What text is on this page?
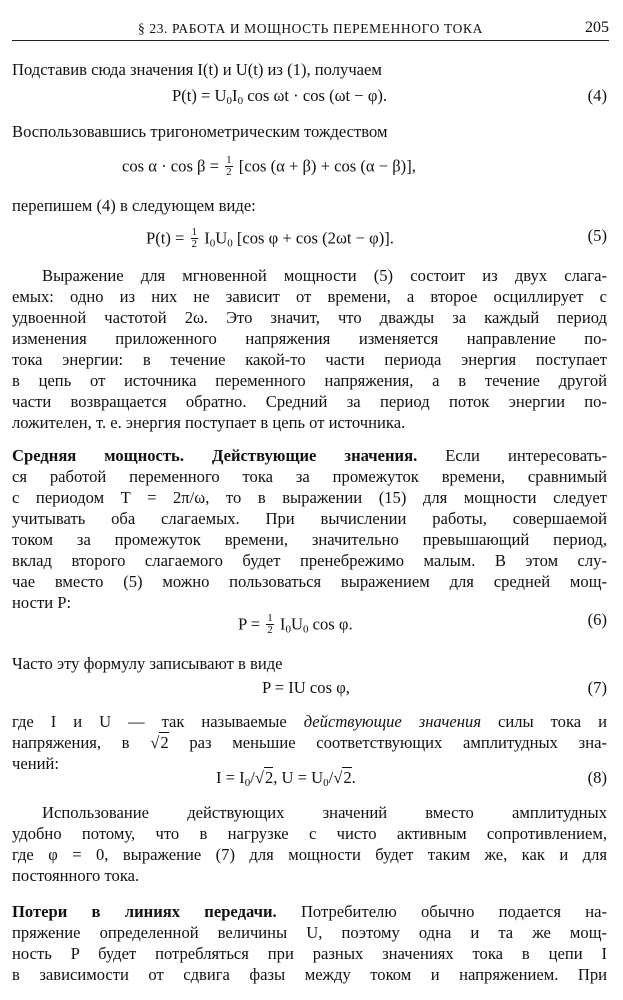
§ 23. РАБОТА И МОЩНОСТЬ ПЕРЕМЕННОГО ТОКА	205
Подставив сюда значения I(t) и U(t) из (1), получаем
$P(t) = U_0I_0$ cos ωt · cos (ωt − φ).	(4)
Воспользовавшись тригонометрическим тождеством
$\cos \alpha \cdot \cos \beta = \frac{1}{2} [\cos$ (α + β) + cos (α − β)],
перепишем (4) в следующем виде:
$P(t) = \frac{1}{2} I_0U_0$ [cos φ + cos (2ωt − φ)].	(5)
Выражение для мгновенной мощности (5) состоит из двух слага-
емых: одно из них не зависит от времени, а второе осциллирует с
удвоенной частотой 2ω. Это значит, что дважды за каждый период
изменения приложенного напряжения изменяется направление по-
тока энергии: в течение какой-то части периода энергия поступает
в цепь от источника переменного напряжения, а в течение другой
части возвращается обратно. Средний за период поток энергии по-
ложителен, т. е. энергия поступает в цепь от источника.
Средняя мощность. Действующие значения. Если интересовать-
ся работой переменного тока за промежуток времени, сравнимый
с периодом T = 2π/ω, то в выражении (15) для мощности следует
учитывать оба слагаемых. При вычислении работы, совершаемой
током за промежуток времени, значительно превышающий период,
вклад второго слагаемого будет пренебрежимо малым. В этом слу-
чае вместо (5) можно пользоваться выражением для средней мощ-
ности P:
$P = \frac{1}{2} I_0U_0$ cos φ.	(6)
Часто эту формулу записывают в виде
P = IU cos φ,	(7)
где I и U — так называемые действующие значения силы тока и
напряжения, в √2 раз меньшие соответствующих амплитудных зна-
чений:
$I = I_0/√2$, $U = U_0/√2$.	(8)
Использование действующих значений вместо амплитудных
удобно потому, что в нагрузке с чисто активным сопротивлением,
где φ = 0, выражение (7) для мощности будет таким же, как и для
постоянного тока.
Потери в линиях передачи. Потребителю обычно подается на-
пряжение определенной величины U, поэтому одна и та же мощ-
ность P будет потребляться при разных значениях тока в цепи I
в зависимости от сдвига фазы между током и напряжением. При
